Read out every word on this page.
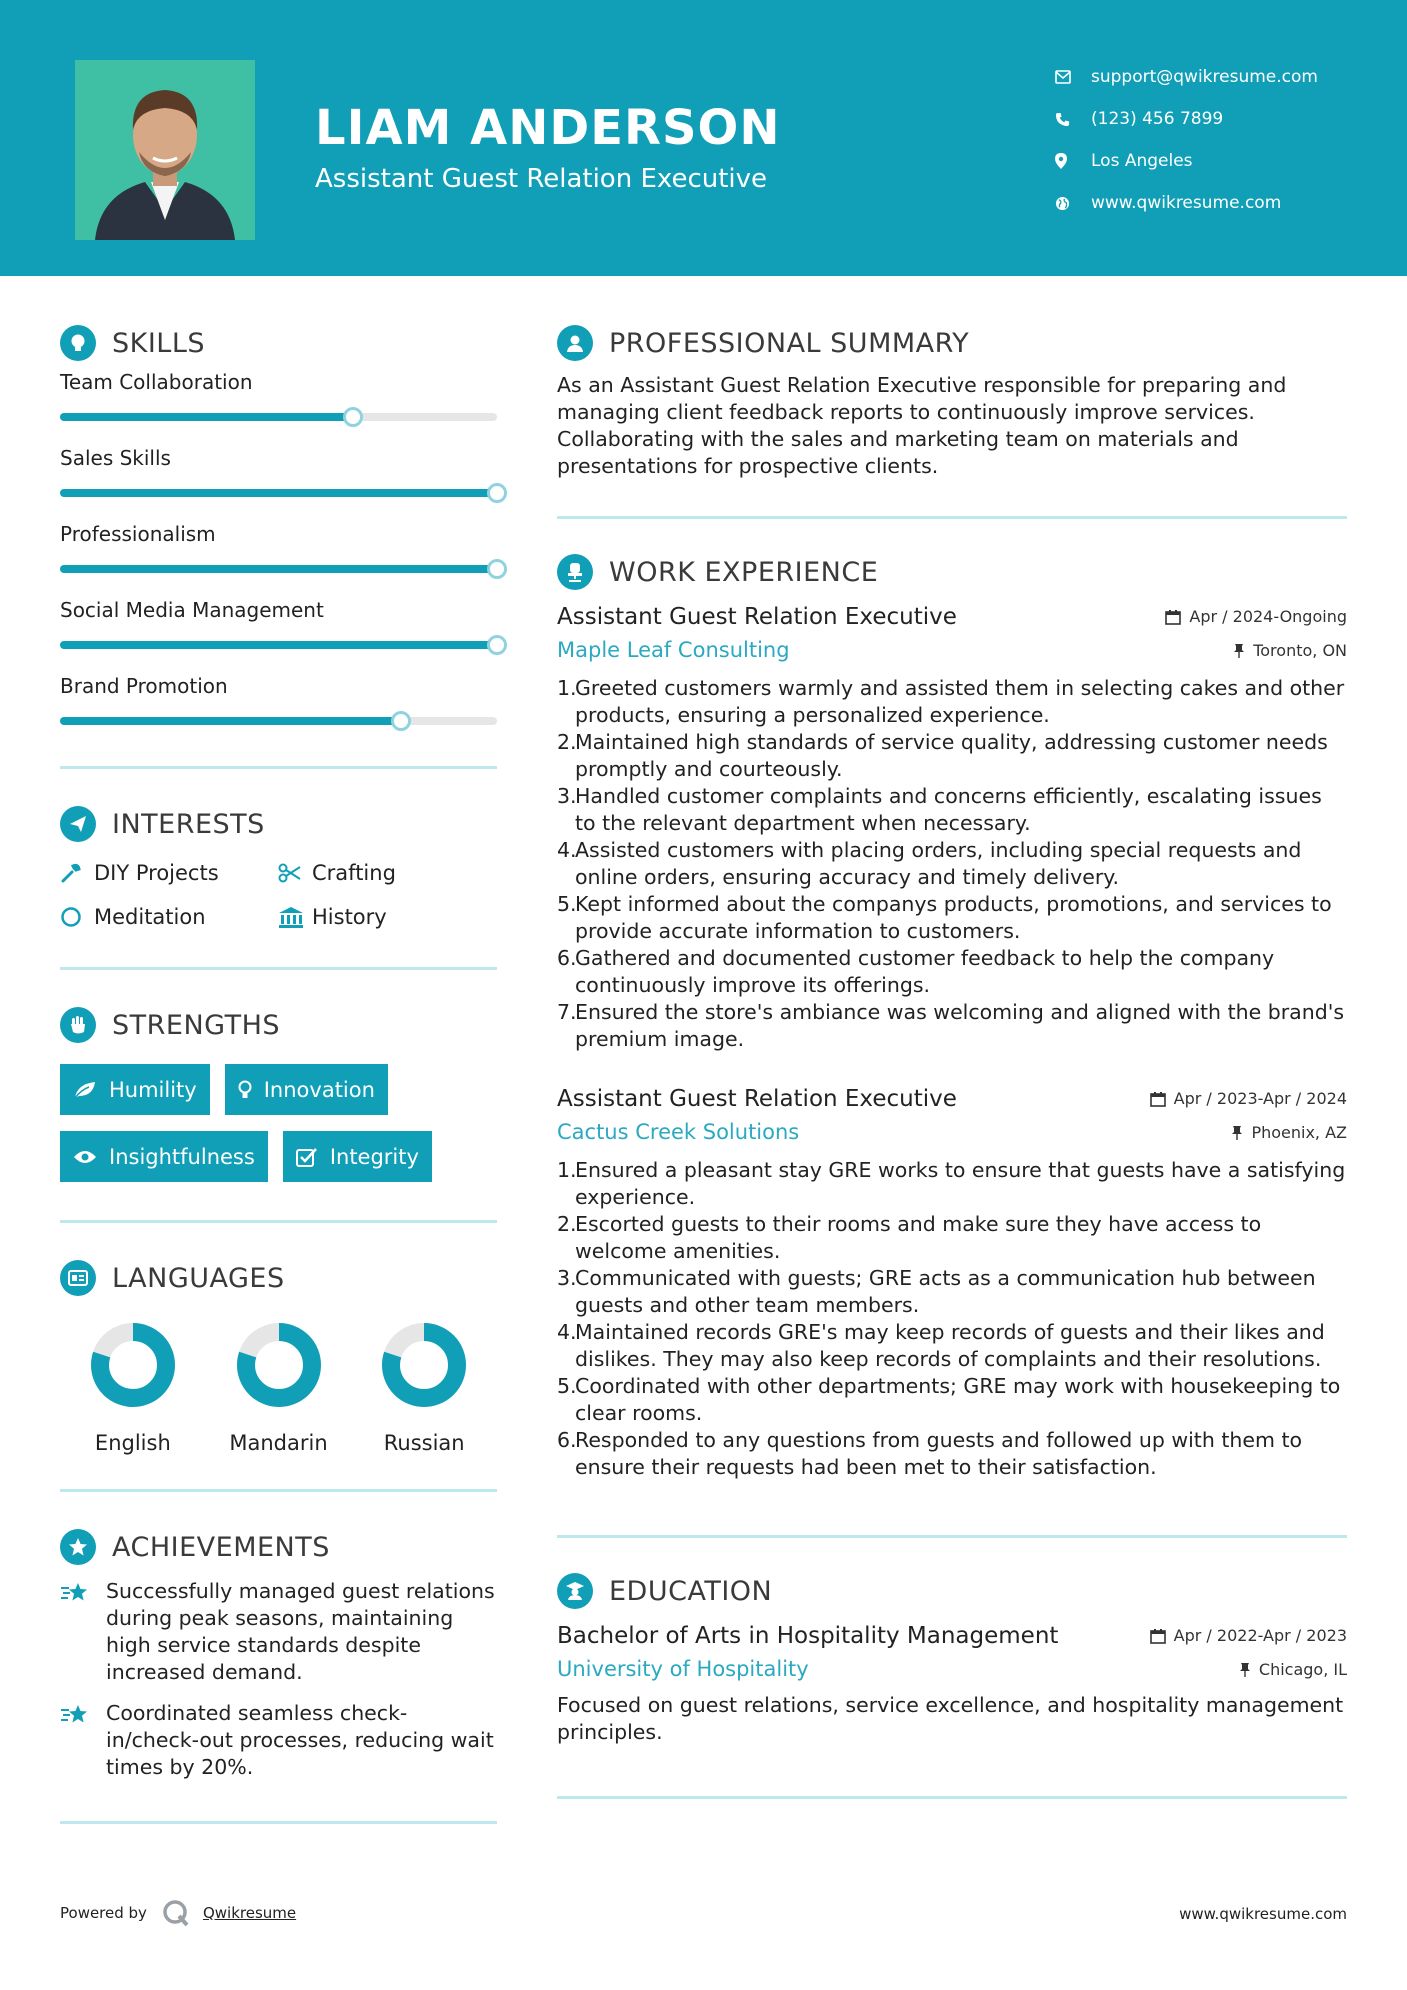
LIAM ANDERSON
Assistant Guest Relation Executive
support@qwikresume.com
(123) 456 7899
Los Angeles
www.qwikresume.com
SKILLS
Team Collaboration
Sales Skills
Professionalism
Social Media Management
Brand Promotion
INTERESTS
DIY Projects	Crafting
Meditation	History
STRENGTHS
Humility	Innovation
Insightfulness	Integrity
LANGUAGES
English	Mandarin	Russian
ACHIEVEMENTS
Successfully managed guest relations during peak seasons, maintaining high service standards despite increased demand.
Coordinated seamless check-in/check-out processes, reducing wait times by 20%.
PROFESSIONAL SUMMARY
As an Assistant Guest Relation Executive responsible for preparing and managing client feedback reports to continuously improve services. Collaborating with the sales and marketing team on materials and presentations for prospective clients.
WORK EXPERIENCE
Assistant Guest Relation Executive	Apr / 2024-Ongoing
Maple Leaf Consulting	Toronto, ON
1.
Greeted customers warmly and assisted them in selecting cakes and other products, ensuring a personalized experience.
2.
Maintained high standards of service quality, addressing customer needs promptly and courteously.
3.
Handled customer complaints and concerns efficiently, escalating issues to the relevant department when necessary.
4.
Assisted customers with placing orders, including special requests and online orders, ensuring accuracy and timely delivery.
5.
Kept informed about the companys products, promotions, and services to provide accurate information to customers.
6.
Gathered and documented customer feedback to help the company continuously improve its offerings.
7.
Ensured the store's ambiance was welcoming and aligned with the brand's premium image.
Assistant Guest Relation Executive	Apr / 2023-Apr / 2024
Cactus Creek Solutions	Phoenix, AZ
1.
Ensured a pleasant stay GRE works to ensure that guests have a satisfying experience.
2.
Escorted guests to their rooms and make sure they have access to welcome amenities.
3.
Communicated with guests; GRE acts as a communication hub between guests and other team members.
4.
Maintained records GRE's may keep records of guests and their likes and dislikes. They may also keep records of complaints and their resolutions.
5.
Coordinated with other departments; GRE may work with housekeeping to clear rooms.
6.
Responded to any questions from guests and followed up with them to ensure their requests had been met to their satisfaction.
EDUCATION
Bachelor of Arts in Hospitality Management	Apr / 2022-Apr / 2023
University of Hospitality	Chicago, IL
Focused on guest relations, service excellence, and hospitality management principles.
Powered by	Qwikresume	www.qwikresume.com
